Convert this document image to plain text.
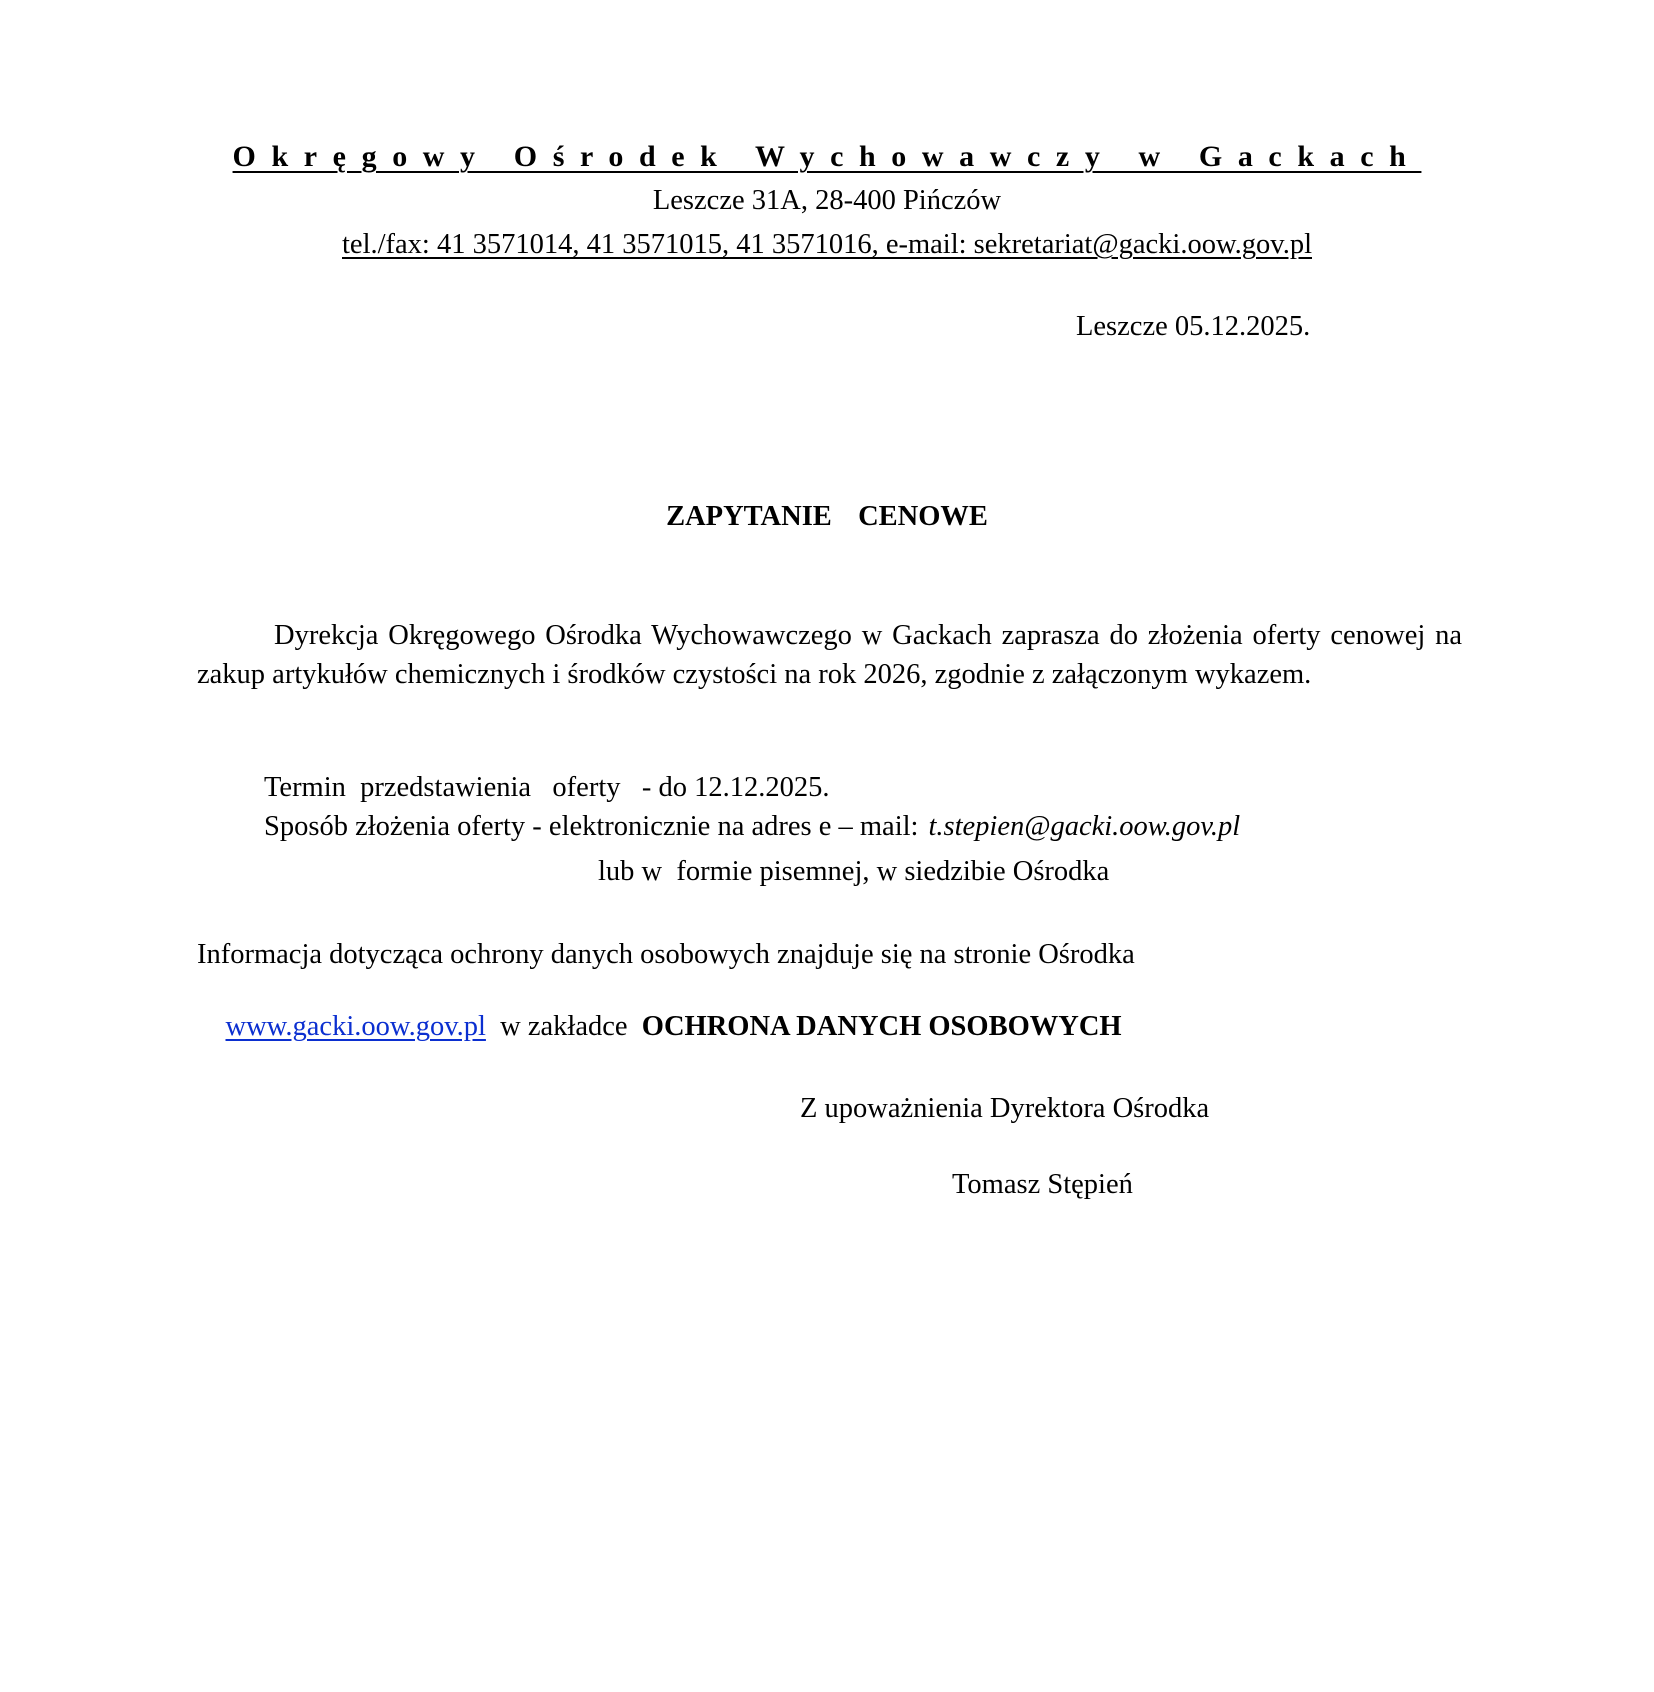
Okręgowy Ośrodek Wychowawczy w Gackach
Leszcze 31A, 28-400 Pińczów
tel./fax: 41 3571014, 41 3571015, 41 3571016, e-mail: sekretariat@gacki.oow.gov.pl
Leszcze 05.12.2025.
ZAPYTANIE  CENOWE
Dyrekcja Okręgowego Ośrodka Wychowawczego w Gackach zaprasza do złożenia oferty cenowej na zakup artykułów chemicznych i środków czystości na rok 2026, zgodnie z załączonym wykazem.
Termin  przedstawienia   oferty   - do 12.12.2025.
Sposób złożenia oferty - elektronicznie na adres e – mail: t.stepien@gacki.oow.gov.pl
lub w  formie pisemnej, w siedzibie Ośrodka
Informacja dotycząca ochrony danych osobowych znajduje się na stronie Ośrodka

www.gacki.oow.gov.pl  w zakładce  OCHRONA DANYCH OSOBOWYCH

Z upoważnienia Dyrektora Ośrodka
Tomasz Stępień
